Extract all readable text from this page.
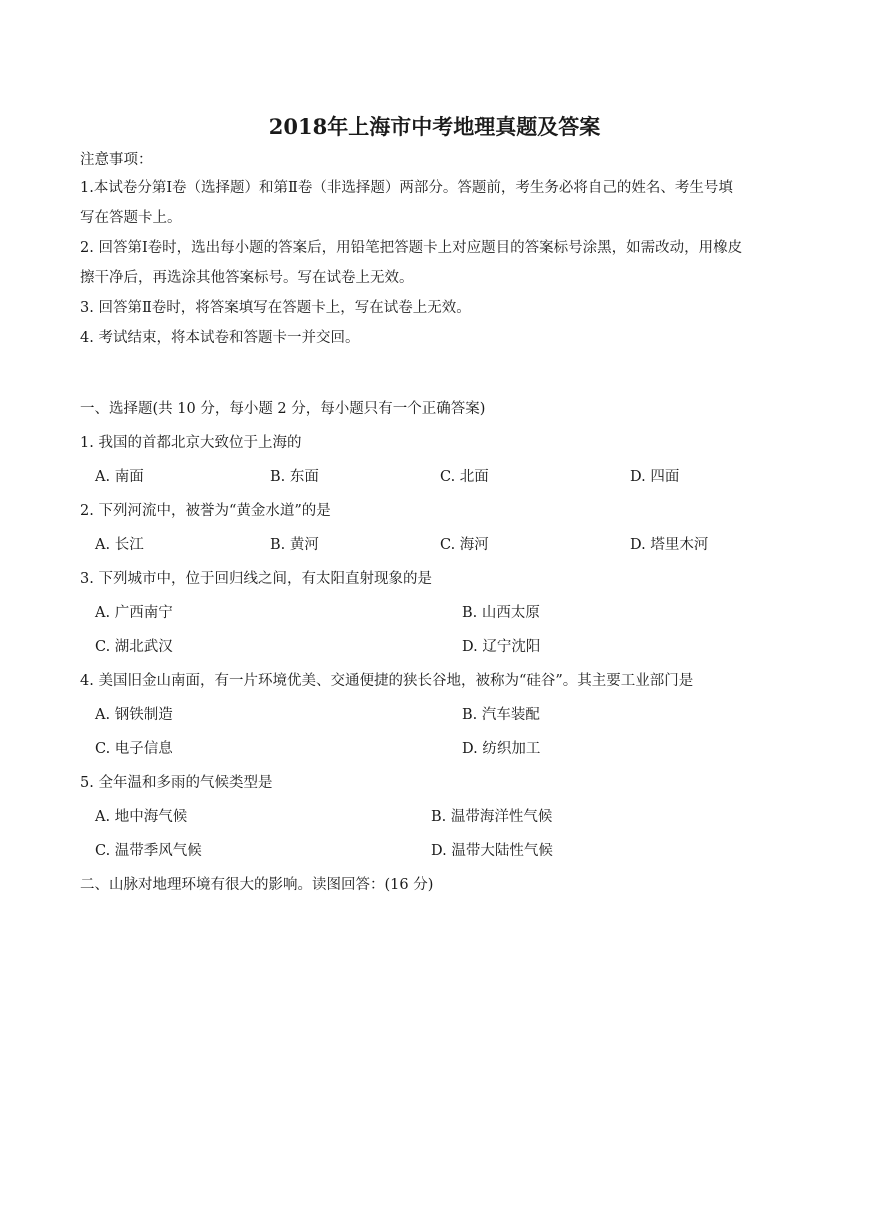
2018年上海市中考地理真题及答案
注意事项：
1.本试卷分第Ⅰ卷（选择题）和第Ⅱ卷（非选择题）两部分。答题前，考生务必将自己的姓名、考生号填
写在答题卡上。
2. 回答第Ⅰ卷时，选出每小题的答案后，用铅笔把答题卡上对应题目的答案标号涂黑，如需改动，用橡皮
擦干净后，再选涂其他答案标号。写在试卷上无效。
3. 回答第Ⅱ卷时，将答案填写在答题卡上，写在试卷上无效。
4. 考试结束，将本试卷和答题卡一并交回。
一、选择题(共 10 分，每小题 2 分，每小题只有一个正确答案)
1. 我国的首都北京大致位于上海的
A. 南面	B. 东面	C. 北面	D. 四面
2. 下列河流中，被誉为“黄金水道”的是
A. 长江	B. 黄河	C. 海河	D. 塔里木河
3. 下列城市中，位于回归线之间，有太阳直射现象的是
A. 广西南宁	B. 山西太原
C. 湖北武汉	D. 辽宁沈阳
4. 美国旧金山南面，有一片环境优美、交通便捷的狭长谷地，被称为“硅谷”。其主要工业部门是
A. 钢铁制造	B. 汽车装配
C. 电子信息	D. 纺织加工
5. 全年温和多雨的气候类型是
A. 地中海气候	B. 温带海洋性气候
C. 温带季风气候	D. 温带大陆性气候
二、山脉对地理环境有很大的影响。读图回答：(16 分)
